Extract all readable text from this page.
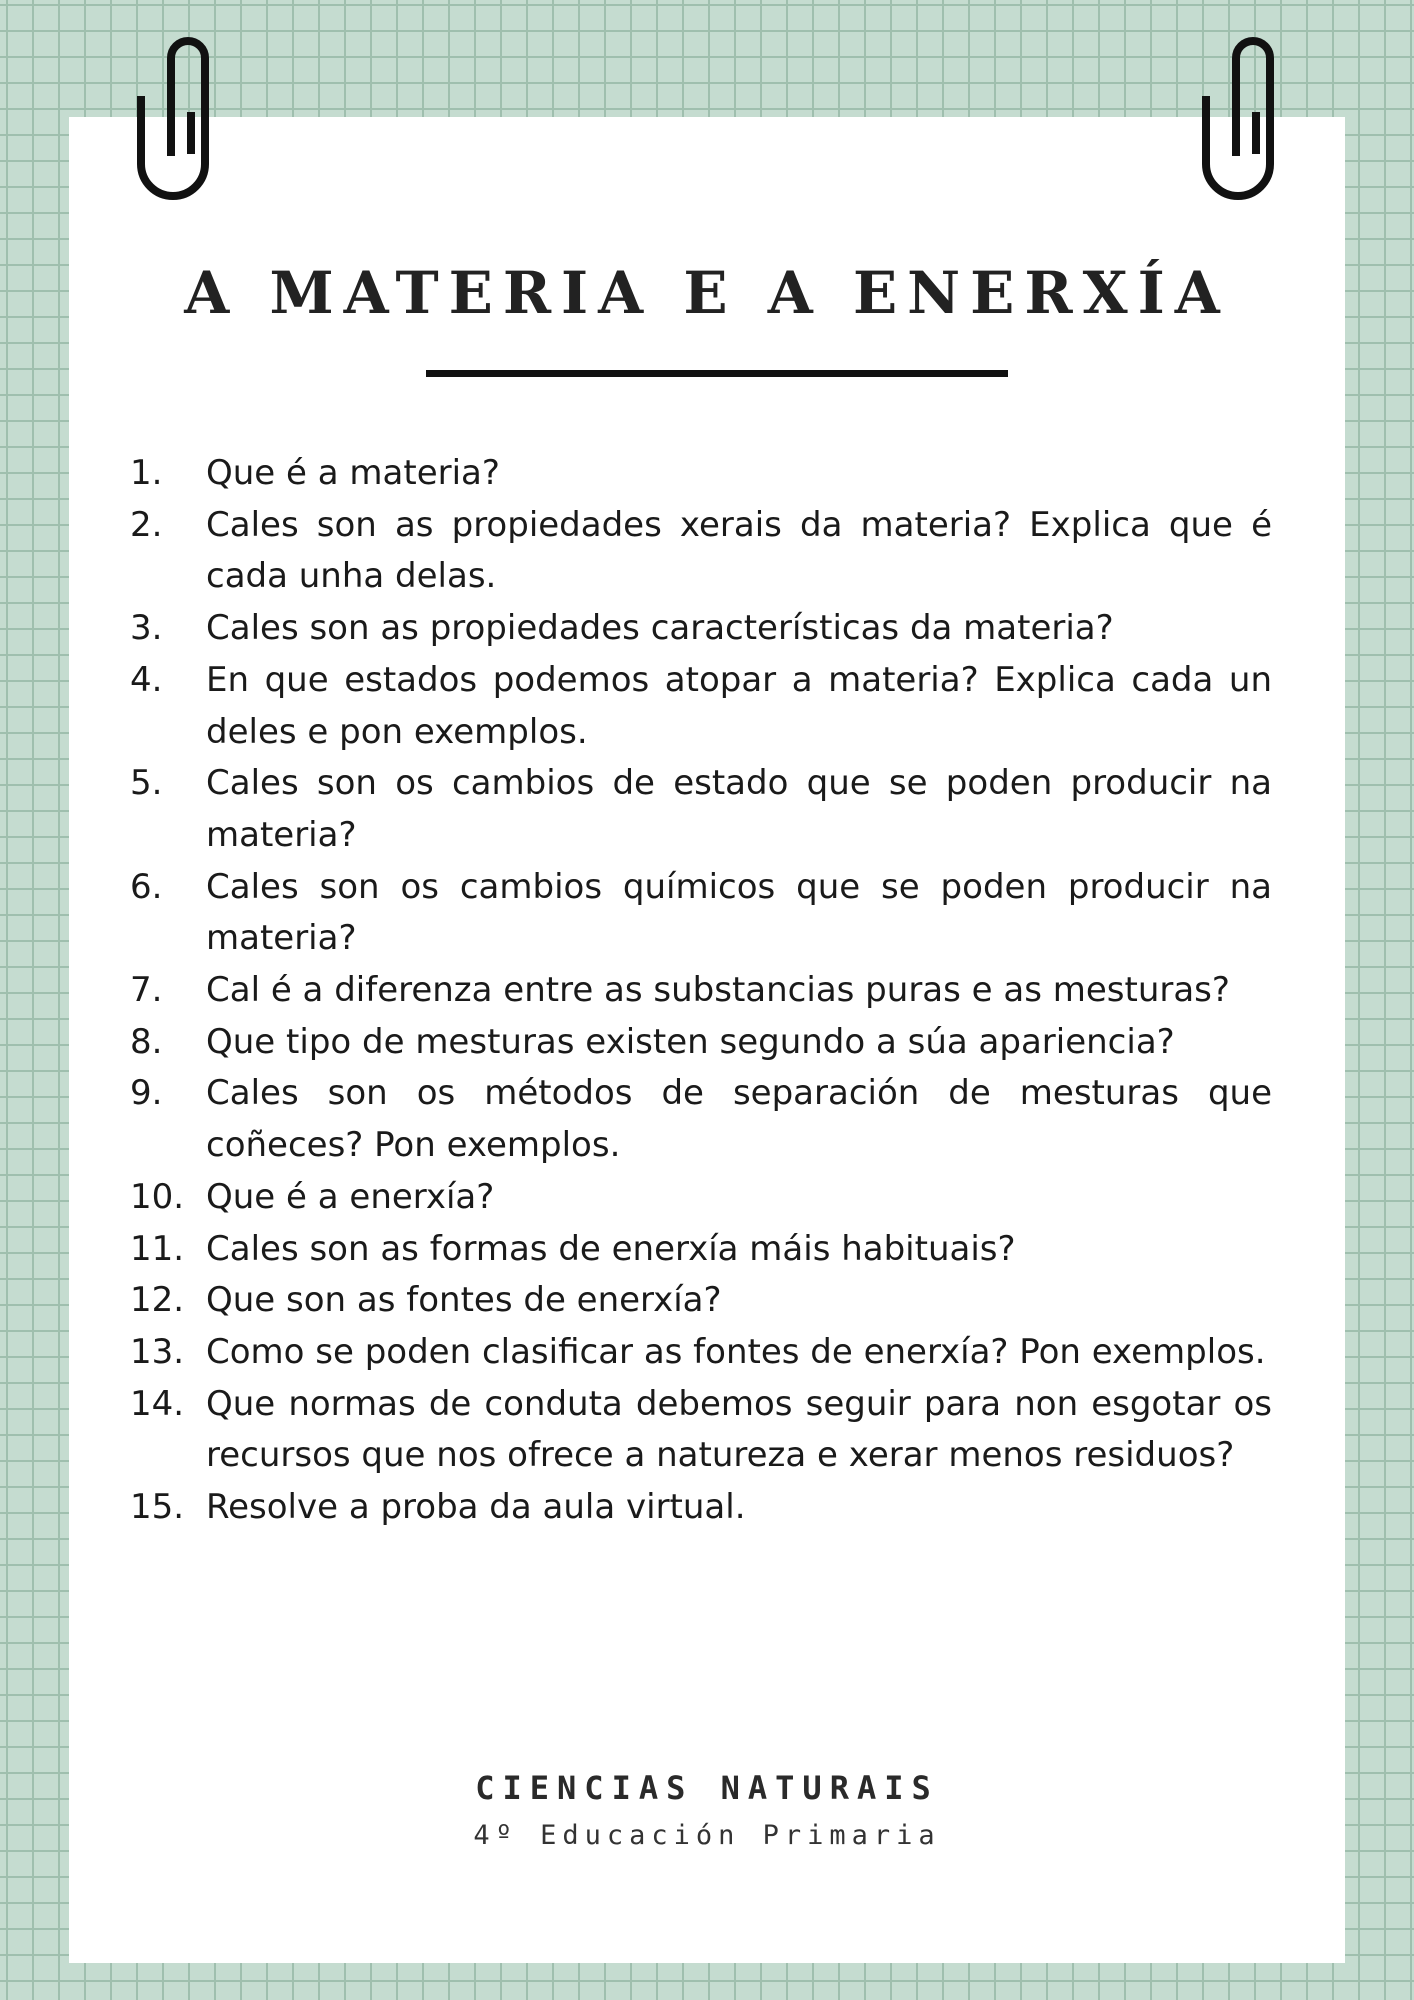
A MATERIA E A ENERXÍA
1.	Que é a materia?
2.	Cales son as propiedades xerais da materia? Explica que é cada unha delas.
3.	Cales son as propiedades características da materia?
4.	En que estados podemos atopar a materia? Explica cada un deles e pon exemplos.
5.	Cales son os cambios de estado que se poden producir na materia?
6.	Cales son os cambios químicos que se poden producir na materia?
7.	Cal é a diferenza entre as substancias puras e as mesturas?
8.	Que tipo de mesturas existen segundo a súa apariencia?
9.	Cales son os métodos de separación de mesturas que coñeces? Pon exemplos.
10. Que é a enerxía?
11. Cales son as formas de enerxía máis habituais?
12. Que son as fontes de enerxía?
13. Como se poden clasificar as fontes de enerxía? Pon exemplos.
14. Que normas de conduta debemos seguir para non esgotar os recursos que nos ofrece a natureza e xerar menos residuos?
15. Resolve a proba da aula virtual.
CIENCIAS NATURAIS
4º Educación Primaria
